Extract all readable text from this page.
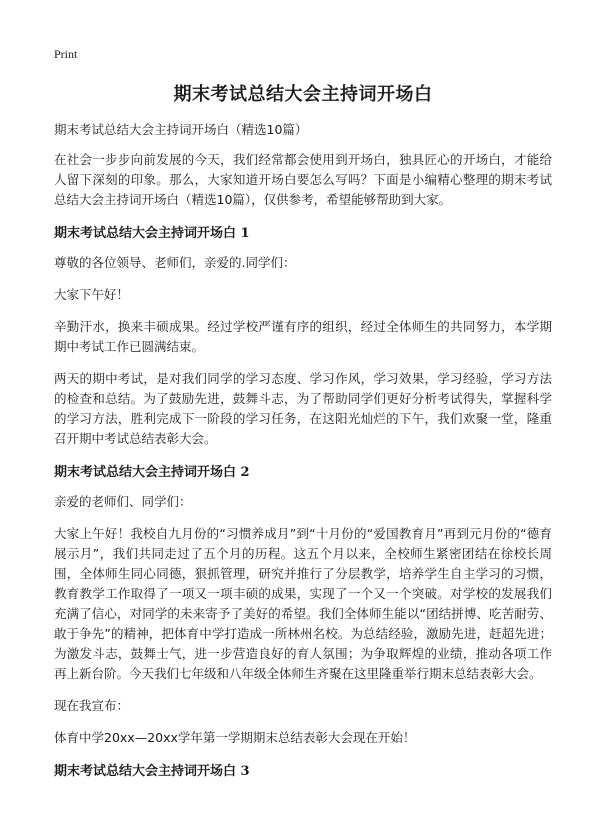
Print
期末考试总结大会主持词开场白
期末考试总结大会主持词开场白（精选10篇）

在社会一步步向前发展的今天，我们经常都会使用到开场白，独具匠心的开场白，才能给人留下深刻的印象。那么，大家知道开场白要怎么写吗？下面是小编精心整理的期末考试总结大会主持词开场白（精选10篇），仅供参考，希望能够帮助到大家。

期末考试总结大会主持词开场白 1

尊敬的各位领导、老师们，亲爱的.同学们：

大家下午好！

辛勤汗水，换来丰硕成果。经过学校严谨有序的组织，经过全体师生的共同努力，本学期期中考试工作已圆满结束。

两天的期中考试，是对我们同学的学习态度、学习作风，学习效果，学习经验，学习方法的检查和总结。为了鼓励先进，鼓舞斗志，为了帮助同学们更好分析考试得失，掌握科学的学习方法，胜利完成下一阶段的学习任务，在这阳光灿烂的下午，我们欢聚一堂，隆重召开期中考试总结表彰大会。

期末考试总结大会主持词开场白 2

亲爱的老师们、同学们：

大家上午好！我校自九月份的“习惯养成月”到“十月份的“爱国教育月”再到元月份的“德育展示月”，我们共同走过了五个月的历程。这五个月以来，全校师生紧密团结在徐校长周围，全体师生同心同德，狠抓管理，研究并推行了分层教学，培养学生自主学习的习惯，教育教学工作取得了一项又一项丰硕的成果，实现了一个又一个突破。对学校的发展我们充满了信心，对同学的未来寄予了美好的希望。我们全体师生能以“团结拼博、吃苦耐劳、敢于争先”的精神，把体育中学打造成一所林州名校。为总结经验，激励先进，赶超先进；为激发斗志，鼓舞士气，进一步营造良好的育人氛围；为争取辉煌的业绩，推动各项工作再上新台阶。今天我们七年级和八年级全体师生齐聚在这里隆重举行期末总结表彰大会。

现在我宣布：

体育中学20xx—20xx学年第一学期期末总结表彰大会现在开始！

期末考试总结大会主持词开场白 3
